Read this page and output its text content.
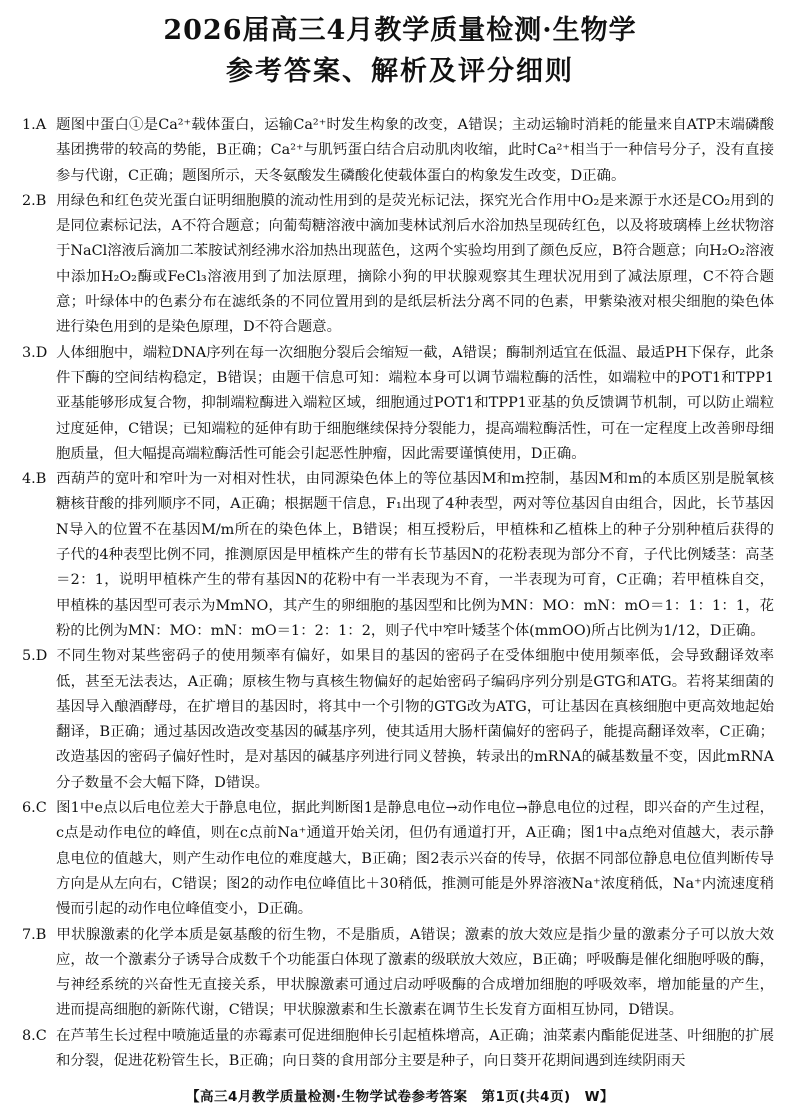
2026届高三4月教学质量检测·生物学
参考答案、解析及评分细则

1.A 题图中蛋白①是Ca²⁺载体蛋白，运输Ca²⁺时发生构象的改变，A错误；主动运输时消耗的能量来自ATP末端磷酸基团携带的较高的势能，B正确；Ca²⁺与肌钙蛋白结合启动肌肉收缩，此时Ca²⁺相当于一种信号分子，没有直接参与代谢，C正确；题图所示，天冬氨酸发生磷酸化使载体蛋白的构象发生改变，D正确。

2.B 用绿色和红色荧光蛋白证明细胞膜的流动性用到的是荧光标记法，探究光合作用中O₂是来源于水还是CO₂用到的是同位素标记法，A不符合题意；向葡萄糖溶液中滴加斐林试剂后水浴加热呈现砖红色，以及将玻璃棒上丝状物溶于NaCl溶液后滴加二苯胺试剂经沸水浴加热出现蓝色，这两个实验均用到了颜色反应，B符合题意；向H₂O₂溶液中添加H₂O₂酶或FeCl₃溶液用到了加法原理，摘除小狗的甲状腺观察其生理状况用到了减法原理，C不符合题意；叶绿体中的色素分布在滤纸条的不同位置用到的是纸层析法分离不同的色素，甲紫染液对根尖细胞的染色体进行染色用到的是染色原理，D不符合题意。

3.D 人体细胞中，端粒DNA序列在每一次细胞分裂后会缩短一截，A错误；酶制剂适宜在低温、最适PH下保存，此条件下酶的空间结构稳定，B错误；由题干信息可知：端粒本身可以调节端粒酶的活性，如端粒中的POT1和TPP1亚基能够形成复合物，抑制端粒酶进入端粒区域，细胞通过POT1和TPP1亚基的负反馈调节机制，可以防止端粒过度延伸，C错误；已知端粒的延伸有助于细胞继续保持分裂能力，提高端粒酶活性，可在一定程度上改善卵母细胞质量，但大幅提高端粒酶活性可能会引起恶性肿瘤，因此需要谨慎使用，D正确。

4.B 西葫芦的宽叶和窄叶为一对相对性状，由同源染色体上的等位基因M和m控制，基因M和m的本质区别是脱氧核糖核苷酸的排列顺序不同，A正确；根据题干信息，F₁出现了4种表型，两对等位基因自由组合，因此，长节基因N导入的位置不在基因M/m所在的染色体上，B错误；相互授粉后，甲植株和乙植株上的种子分别种植后获得的子代的4种表型比例不同，推测原因是甲植株产生的带有长节基因N的花粉表现为部分不育，子代比例矮茎：高茎＝2：1，说明甲植株产生的带有基因N的花粉中有一半表现为不育，一半表现为可育，C正确；若甲植株自交，甲植株的基因型可表示为MmNO，其产生的卵细胞的基因型和比例为MN：MO：mN：mO＝1：1：1：1，花粉的比例为MN：MO：mN：mO＝1：2：1：2，则子代中窄叶矮茎个体(mmOO)所占比例为1/12，D正确。

5.D 不同生物对某些密码子的使用频率有偏好，如果目的基因的密码子在受体细胞中使用频率低，会导致翻译效率低，甚至无法表达，A正确；原核生物与真核生物偏好的起始密码子编码序列分别是GTG和ATG。若将某细菌的基因导入酿酒酵母，在扩增目的基因时，将其中一个引物的GTG改为ATG，可让基因在真核细胞中更高效地起始翻译，B正确；通过基因改造改变基因的碱基序列，使其适用大肠杆菌偏好的密码子，能提高翻译效率，C正确；改造基因的密码子偏好性时，是对基因的碱基序列进行同义替换，转录出的mRNA的碱基数量不变，因此mRNA分子数量不会大幅下降，D错误。

6.C 图1中e点以后电位差大于静息电位，据此判断图1是静息电位→动作电位→静息电位的过程，即兴奋的产生过程，c点是动作电位的峰值，则在c点前Na⁺通道开始关闭，但仍有通道打开，A正确；图1中a点绝对值越大，表示静息电位的值越大，则产生动作电位的难度越大，B正确；图2表示兴奋的传导，依据不同部位静息电位值判断传导方向是从左向右，C错误；图2的动作电位峰值比＋30稍低，推测可能是外界溶液Na⁺浓度稍低，Na⁺内流速度稍慢而引起的动作电位峰值变小，D正确。

7.B 甲状腺激素的化学本质是氨基酸的衍生物，不是脂质，A错误；激素的放大效应是指少量的激素分子可以放大效应，故一个激素分子诱导合成数千个功能蛋白体现了激素的级联放大效应，B正确；呼吸酶是催化细胞呼吸的酶，与神经系统的兴奋性无直接关系，甲状腺激素可通过启动呼吸酶的合成增加细胞的呼吸效率，增加能量的产生，进而提高细胞的新陈代谢，C错误；甲状腺激素和生长激素在调节生长发育方面相互协同，D错误。

8.C 在芦苇生长过程中喷施适量的赤霉素可促进细胞伸长引起植株增高，A正确；油菜素内酯能促进茎、叶细胞的扩展和分裂，促进花粉管生长，B正确；向日葵的食用部分主要是种子，向日葵开花期间遇到连续阴雨天

【高三4月教学质量检测·生物学试卷参考答案　第1页(共4页)　W】
